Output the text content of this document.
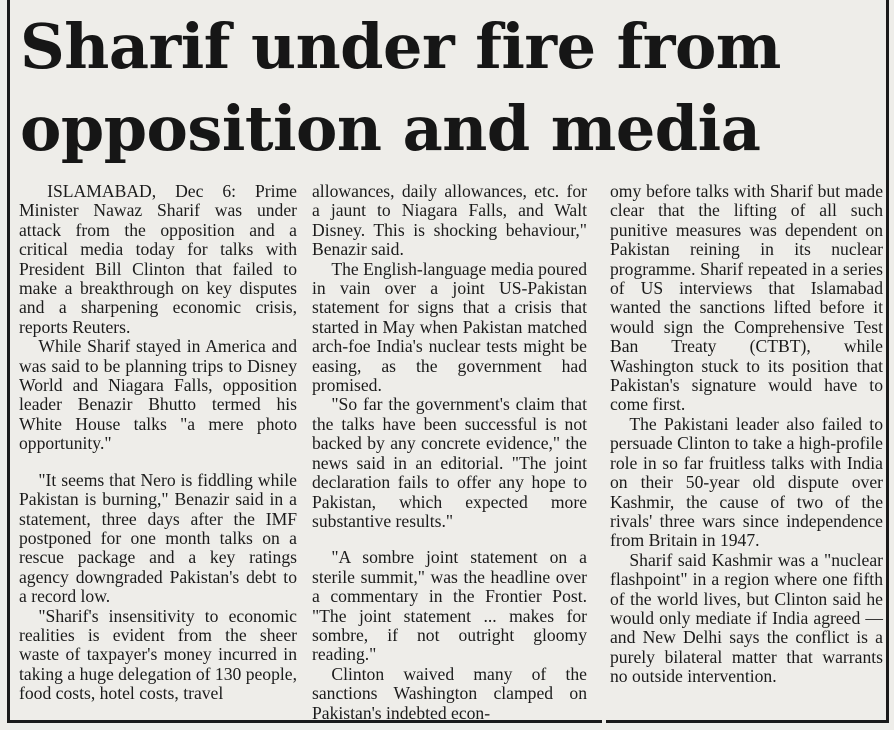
Sharif under fire from
opposition and media

ISLAMABAD, Dec 6: Prime Minister Nawaz Sharif was under attack from the opposition and a critical media today for talks with President Bill Clinton that failed to make a breakthrough on key disputes and a sharpening economic crisis, reports Reuters.

While Sharif stayed in America and was said to be planning trips to Disney World and Niagara Falls, opposition leader Benazir Bhutto termed his White House talks "a mere photo opportunity."

"It seems that Nero is fiddling while Pakistan is burning," Benazir said in a statement, three days after the IMF postponed for one month talks on a rescue package and a key ratings agency downgraded Pakistan's debt to a record low.

"Sharif's insensitivity to economic realities is evident from the sheer waste of taxpayer's money incurred in taking a huge delegation of 130 people, food costs, hotel costs, travel

allowances, daily allowances, etc. for a jaunt to Niagara Falls, and Walt Disney. This is shocking behaviour," Benazir said.

The English-language media poured in vain over a joint US-Pakistan statement for signs that a crisis that started in May when Pakistan matched arch-foe India's nuclear tests might be easing, as the government had promised.

"So far the government's claim that the talks have been successful is not backed by any concrete evidence," the news said in an editorial. "The joint declaration fails to offer any hope to Pakistan, which expected more substantive results."

"A sombre joint statement on a sterile summit," was the headline over a commentary in the Frontier Post. "The joint statement ... makes for sombre, if not outright gloomy reading."

Clinton waived many of the sanctions Washington clamped on Pakistan's indebted econ-

omy before talks with Sharif but made clear that the lifting of all such punitive measures was dependent on Pakistan reining in its nuclear programme. Sharif repeated in a series of US interviews that Islamabad wanted the sanctions lifted before it would sign the Comprehensive Test Ban Treaty (CTBT), while Washington stuck to its position that Pakistan's signature would have to come first.

The Pakistani leader also failed to persuade Clinton to take a high-profile role in so far fruitless talks with India on their 50-year old dispute over Kashmir, the cause of two of the rivals' three wars since independence from Britain in 1947.

Sharif said Kashmir was a "nuclear flashpoint" in a region where one fifth of the world lives, but Clinton said he would only mediate if India agreed — and New Delhi says the conflict is a purely bilateral matter that warrants no outside intervention.
